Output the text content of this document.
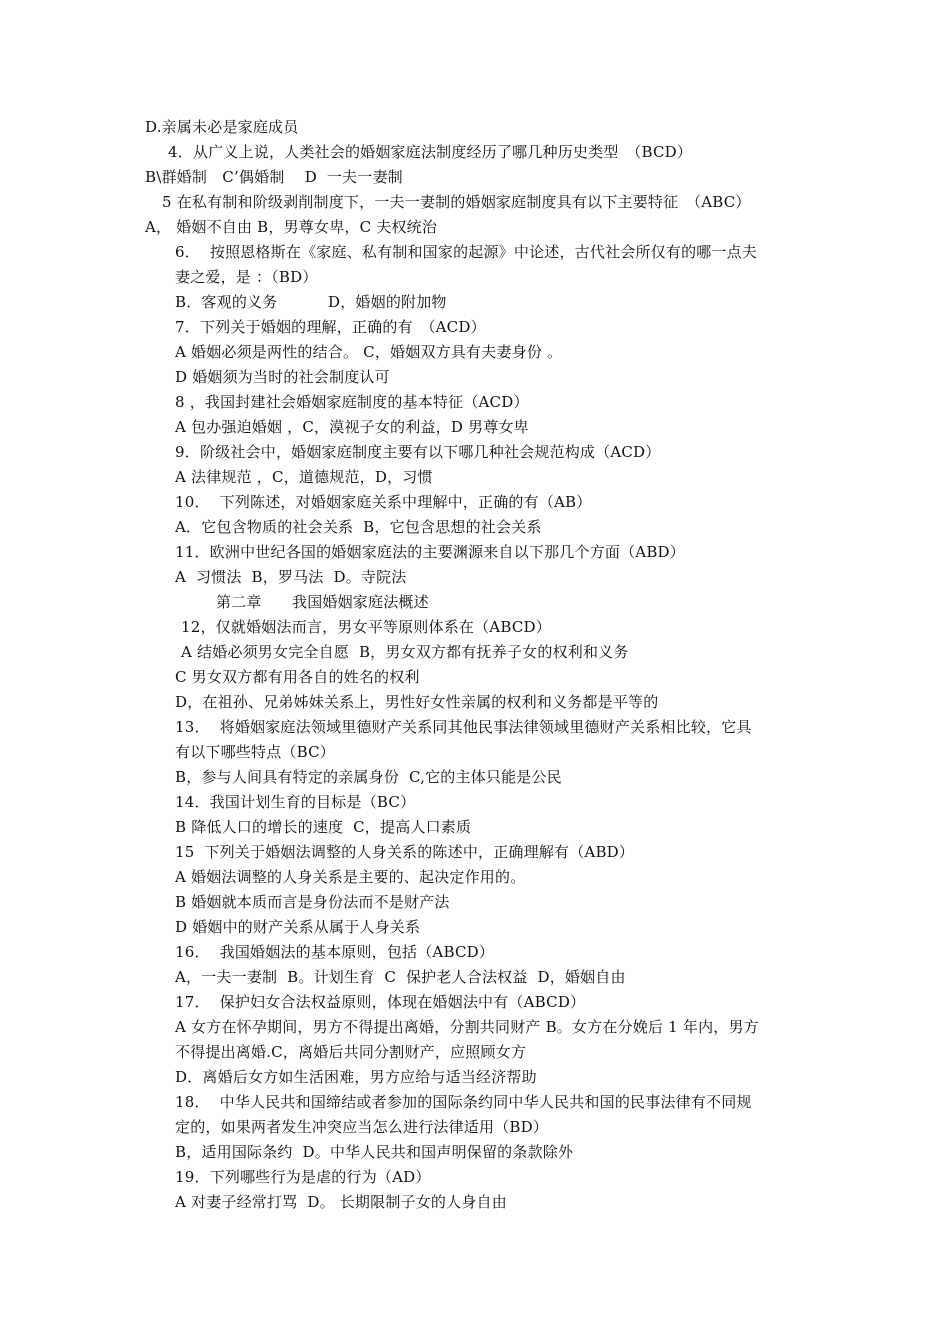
D.亲属未必是家庭成员
4．从广义上说，人类社会的婚姻家庭法制度经历了哪几种历史类型　（BCD）
B\群婚制　C’偶婚制　 D  一夫一妻制
5 在私有制和阶级剥削制度下，一夫一妻制的婚姻家庭制度具有以下主要特征　（ABC）
A， 婚姻不自由 B，男尊女卑，C 夫权统治
6．  按照恩格斯在《家庭、私有制和国家的起源》中论述，古代社会所仅有的哪一点夫
妻之爱，是 ：（BD）
B．客观的义务　　　 D，婚姻的附加物
7．下列关于婚姻的理解，正确的有　（ACD）
A 婚姻必须是两性的结合。 C，婚姻双方具有夫妻身份 。
D 婚姻须为当时的社会制度认可
8 ，我国封建社会婚姻家庭制度的基本特征（ACD）
A 包办强迫婚姻 ，C，漠视子女的利益，D 男尊女卑
9．阶级社会中，婚姻家庭制度主要有以下哪几种社会规范构成（ACD）
A 法律规范 ，C，道德规范，D，习惯
10．  下列陈述，对婚姻家庭关系中理解中，正确的有（AB）
A．它包含物质的社会关系  B，它包含思想的社会关系
11．欧洲中世纪各国的婚姻家庭法的主要渊源来自以下那几个方面（ABD）
A  习惯法  B，罗马法  D。寺院法
第二章　　我国婚姻家庭法概述
12，仅就婚姻法而言，男女平等原则体系在（ABCD）
A 结婚必须男女完全自愿  B，男女双方都有抚养子女的权利和义务
C 男女双方都有用各自的姓名的权利
D，在祖孙、兄弟姊妹关系上，男性好女性亲属的权利和义务都是平等的
13．  将婚姻家庭法领域里德财产关系同其他民事法律领域里德财产关系相比较，它具
有以下哪些特点（BC）
B，参与人间具有特定的亲属身份  C,它的主体只能是公民
14．我国计划生育的目标是（BC）
B 降低人口的增长的速度  C，提高人口素质
15  下列关于婚姻法调整的人身关系的陈述中，正确理解有（ABD）
A 婚姻法调整的人身关系是主要的、起决定作用的。
B 婚姻就本质而言是身份法而不是财产法
D 婚姻中的财产关系从属于人身关系
16．  我国婚姻法的基本原则，包括（ABCD）
A，一夫一妻制  B。计划生育  C  保护老人合法权益  D，婚姻自由
17．  保护妇女合法权益原则，体现在婚姻法中有（ABCD）
A 女方在怀孕期间，男方不得提出离婚，分割共同财产 B。女方在分娩后 1 年内，男方
不得提出离婚.C，离婚后共同分割财产，应照顾女方
D．离婚后女方如生活困难，男方应给与适当经济帮助
18．  中华人民共和国缔结或者参加的国际条约同中华人民共和国的民事法律有不同规
定的，如果两者发生冲突应当怎么进行法律适用（BD）
B，适用国际条约  D。中华人民共和国声明保留的条款除外
19．下列哪些行为是虐的行为（AD）
A 对妻子经常打骂  D。 长期限制子女的人身自由
